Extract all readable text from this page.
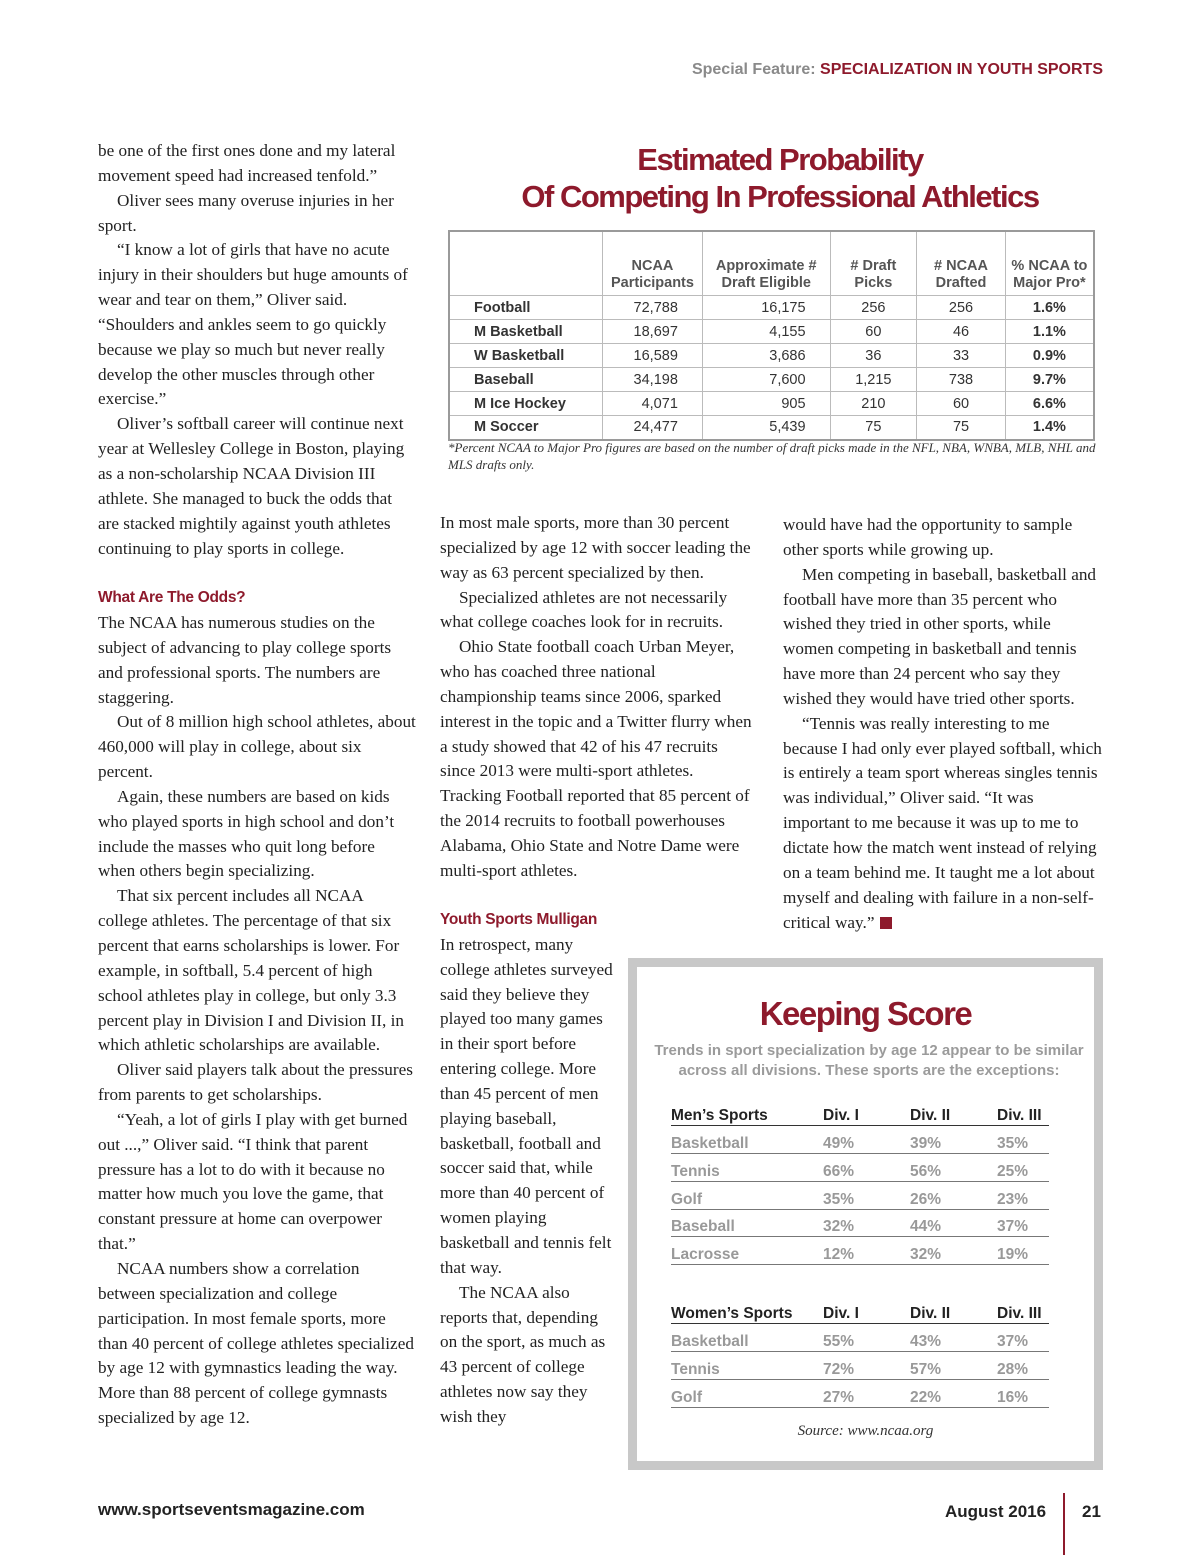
Special Feature: SPECIALIZATION IN YOUTH SPORTS

be one of the first ones done and my lateral movement speed had increased tenfold.”

Oliver sees many overuse injuries in her sport.

“I know a lot of girls that have no acute injury in their shoulders but huge amounts of wear and tear on them,” Oliver said. “Shoulders and ankles seem to go quickly because we play so much but never really develop the other muscles through other exercise.”

Oliver’s softball career will continue next year at Wellesley College in Boston, playing as a non-scholarship NCAA Division III athlete. She managed to buck the odds that are stacked mightily against youth athletes continuing to play sports in college.

What Are The Odds?

The NCAA has numerous studies on the subject of advancing to play college sports and professional sports. The numbers are staggering.

Out of 8 million high school athletes, about 460,000 will play in college, about six percent.

Again, these numbers are based on kids who played sports in high school and don’t include the masses who quit long before when others begin specializing.

That six percent includes all NCAA college athletes. The percentage of that six percent that earns scholarships is lower. For example, in softball, 5.4 percent of high school athletes play in college, but only 3.3 percent play in Division I and Division II, in which athletic scholarships are available.

Oliver said players talk about the pressures from parents to get scholarships.

“Yeah, a lot of girls I play with get burned out ...,” Oliver said. “I think that parent pressure has a lot to do with it because no matter how much you love the game, that constant pressure at home can overpower that.”

NCAA numbers show a correlation between specialization and college participation. In most female sports, more than 40 percent of college athletes specialized by age 12 with gymnastics leading the way. More than 88 percent of college gymnasts specialized by age 12.

Estimated Probability
Of Competing In Professional Athletics
	NCAA Participants	Approximate # Draft Eligible	# Draft Picks	# NCAA Drafted	% NCAA to Major Pro*
Football	72,788	16,175	256	256	1.6%
M Basketball	18,697	4,155	60	46	1.1%
W Basketball	16,589	3,686	36	33	0.9%
Baseball	34,198	7,600	1,215	738	9.7%
M Ice Hockey	4,071	905	210	60	6.6%
M Soccer	24,477	5,439	75	75	1.4%
*Percent NCAA to Major Pro figures are based on the number of draft picks made in the NFL, NBA, WNBA, MLB, NHL and MLS drafts only.

In most male sports, more than 30 percent specialized by age 12 with soccer leading the way as 63 percent specialized by then.

Specialized athletes are not necessarily what college coaches look for in recruits.

Ohio State football coach Urban Meyer, who has coached three national championship teams since 2006, sparked interest in the topic and a Twitter flurry when a study showed that 42 of his 47 recruits since 2013 were multi-sport athletes. Tracking Football reported that 85 percent of the 2014 recruits to football powerhouses Alabama, Ohio State and Notre Dame were multi-sport athletes.

Youth Sports Mulligan

In retrospect, many college athletes surveyed said they believe they played too many games in their sport before entering college. More than 45 percent of men playing baseball, basketball, football and soccer said that, while more than 40 percent of women playing basketball and tennis felt that way.

The NCAA also reports that, depending on the sport, as much as 43 percent of college athletes now say they wish they

would have had the opportunity to sample other sports while growing up.

Men competing in baseball, basketball and football have more than 35 percent who wished they tried in other sports, while women competing in basketball and tennis have more than 24 percent who say they wished they would have tried other sports.

“Tennis was really interesting to me because I had only ever played softball, which is entirely a team sport whereas singles tennis was individual,” Oliver said. “It was important to me because it was up to me to dictate how the match went instead of relying on a team behind me. It taught me a lot about myself and dealing with failure in a non-self-critical way.”

Keeping Score
Trends in sport specialization by age 12 appear to be similar across all divisions. These sports are the exceptions:
Men’s Sports	Div. I	Div. II	Div. III
Basketball	49%	39%	35%
Tennis	66%	56%	25%
Golf	35%	26%	23%
Baseball	32%	44%	37%
Lacrosse	12%	32%	19%
Women’s Sports	Div. I	Div. II	Div. III
Basketball	55%	43%	37%
Tennis	72%	57%	28%
Golf	27%	22%	16%
Source: www.ncaa.org
www.sportseventsmagazine.com	August 2016 21
